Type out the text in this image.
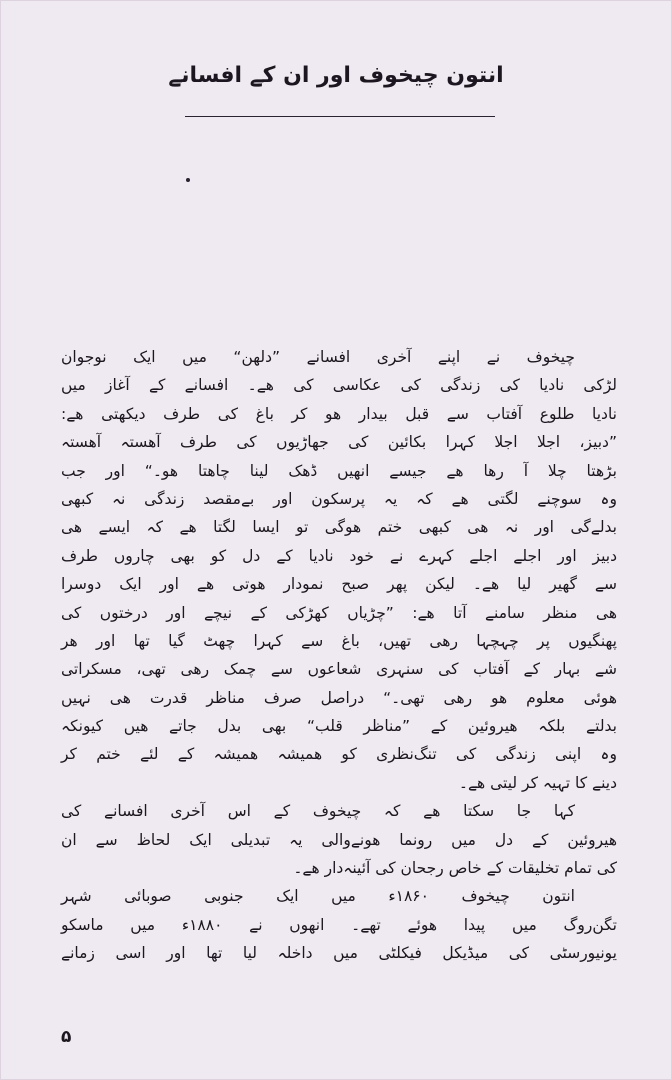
انتون چیخوف اور ان کے افسانے
چیخوف نے اپنے آخری افسانے ”دلھن“ میں ایک نوجوان
لڑکی نادیا کی زندگی کی عکاسی کی ھے۔ افسانے کے آغاز میں
نادیا طلوع آفتاب سے قبل بیدار ھو کر باغ کی طرف دیکھتی ھے:
”دبیز، اجلا اجلا کہرا بکائین کی جھاڑیوں کی طرف آھستہ آھستہ
بڑھتا چلا آ رھا ھے جیسے انھیں ڈھک لینا چاھتا ھو۔“ اور جب
وہ سوچنے لگتی ھے کہ یہ پرسکون اور بےمقصد زندگی نہ کبھی
بدلےگی اور نہ ھی کبھی ختم ھوگی تو ایسا لگتا ھے کہ ایسے ھی
دبیز اور اجلے اجلے کہرے نے خود نادیا کے دل کو بھی چاروں طرف
سے گھیر لیا ھے۔ لیکن پھر صبح نمودار ھوتی ھے اور ایک دوسرا
ھی منظر سامنے آتا ھے: ”چڑیاں کھڑکی کے نیچے اور درختوں کی
پھنگیوں پر چہچہا رھی تھیں، باغ سے کہرا چھٹ گیا تھا اور ھر
شے بہار کے آفتاب کی سنہری شعاعوں سے چمک رھی تھی، مسکراتی
ھوئی معلوم ھو رھی تھی۔“ دراصل صرف مناظر قدرت ھی نہیں
بدلتے بلکہ ھیروئین کے ”مناظر قلب“ بھی بدل جاتے ھیں کیونکہ
وہ اپنی زندگی کی تنگ‌نظری کو ھمیشہ ھمیشہ کے لئے ختم کر
دینے کا تہیہ کر لیتی ھے۔
کہا جا سکتا ھے کہ چیخوف کے اس آخری افسانے کی
ھیروئین کے دل میں رونما ھونےوالی یہ تبدیلی ایک لحاظ سے ان
کی تمام تخلیقات کے خاص رجحان کی آئینہ‌دار ھے۔
انتون چیخوف ۱۸۶۰ء میں ایک جنوبی صوبائی شہر
تگن‌روگ میں پیدا ھوئے تھے۔ انھوں نے ۱۸۸۰ء میں ماسکو
یونیورسٹی کی میڈیکل فیکلٹی میں داخلہ لیا تھا اور اسی زمانے
۵
